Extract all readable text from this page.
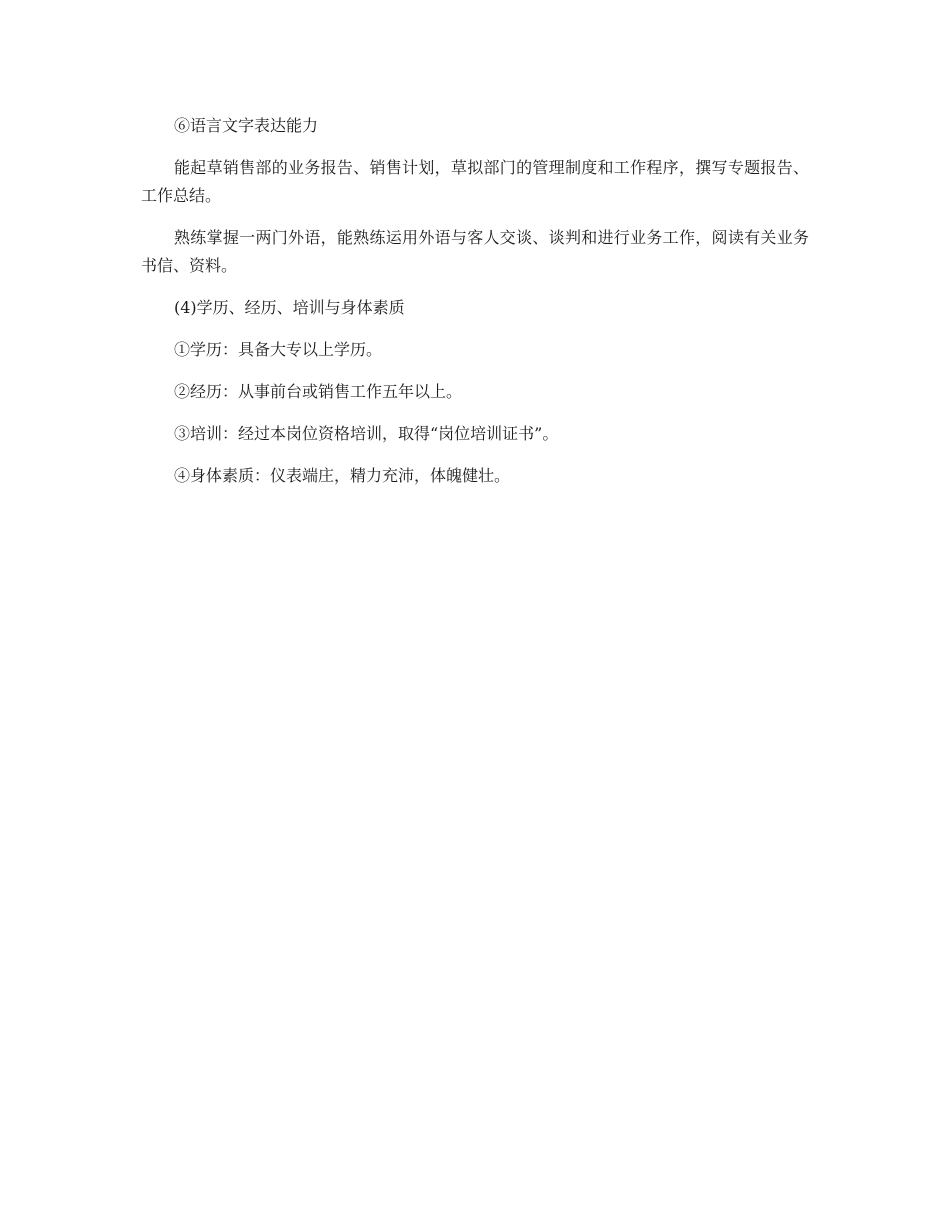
⑥语言文字表达能力

能起草销售部的业务报告、销售计划，草拟部门的管理制度和工作程序，撰写专题报告、工作总结。

熟练掌握一两门外语，能熟练运用外语与客人交谈、谈判和进行业务工作，阅读有关业务书信、资料。

(4)学历、经历、培训与身体素质

①学历：具备大专以上学历。

②经历：从事前台或销售工作五年以上。

③培训：经过本岗位资格培训，取得“岗位培训证书”。

④身体素质：仪表端庄，精力充沛，体魄健壮。
